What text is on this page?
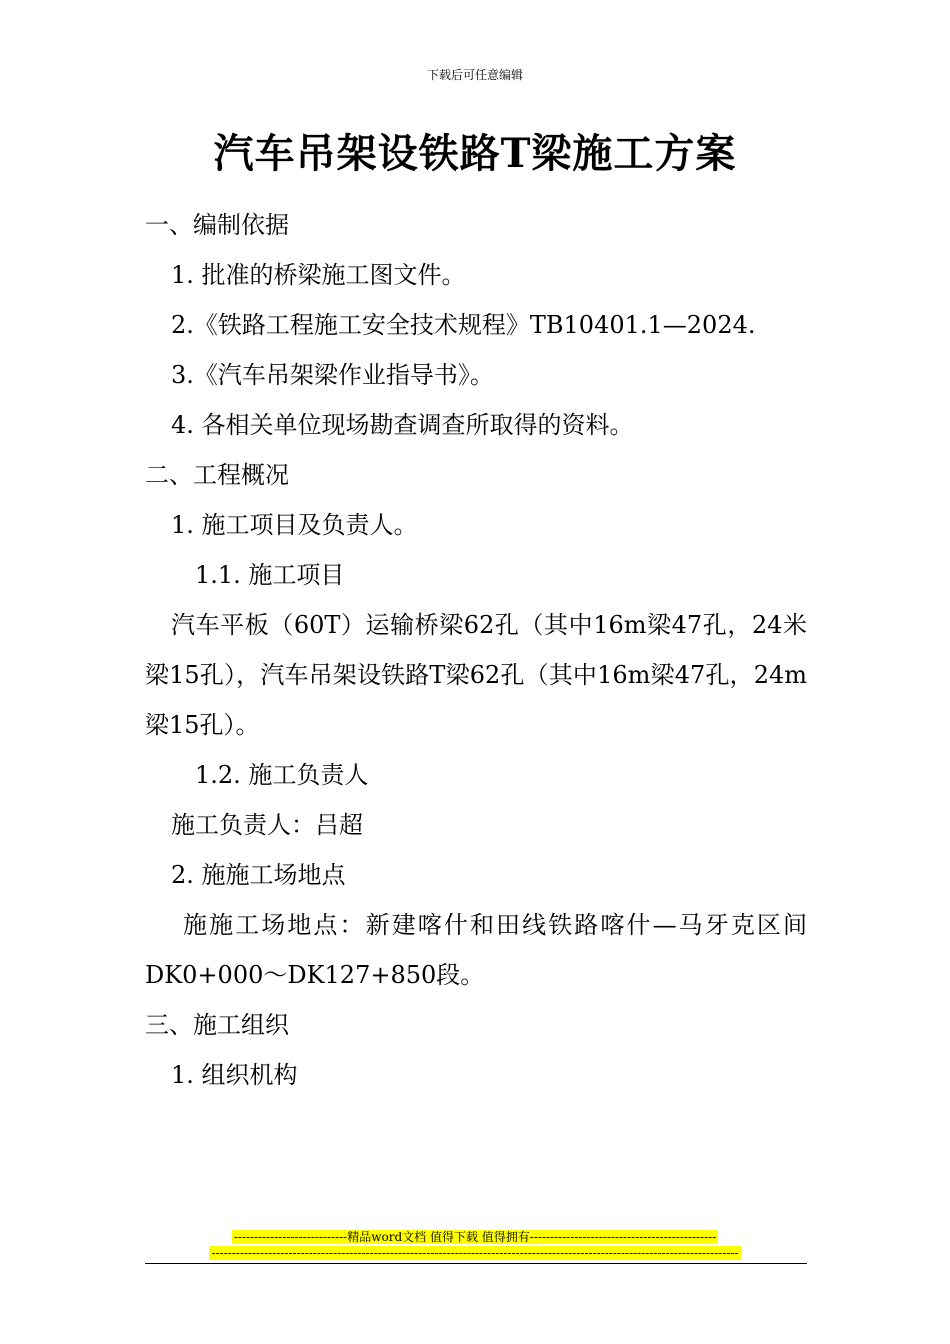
下载后可任意编辑
汽车吊架设铁路T梁施工方案
一、编制依据
1. 批准的桥梁施工图文件。
2.《铁路工程施工安全技术规程》TB10401.1—2024.
3.《汽车吊架梁作业指导书》。
4. 各相关单位现场勘查调查所取得的资料。
二、工程概况
1. 施工项目及负责人。
1.1. 施工项目
汽车平板（60T）运输桥梁62孔（其中16m梁47孔，24米梁15孔），汽车吊架设铁路T梁62孔（其中16m梁47孔，24m梁15孔）。
1.2. 施工负责人
施工负责人：吕超
2. 施施工场地点
施施工场地点：新建喀什和田线铁路喀什—马牙克区间DK0+000～DK127+850段。
三、施工组织
1. 组织机构
----------------------------精品word文档 值得下载 值得拥有----------------------------------------------
----------------------------------------------------------------------------------------------------------------------------------
